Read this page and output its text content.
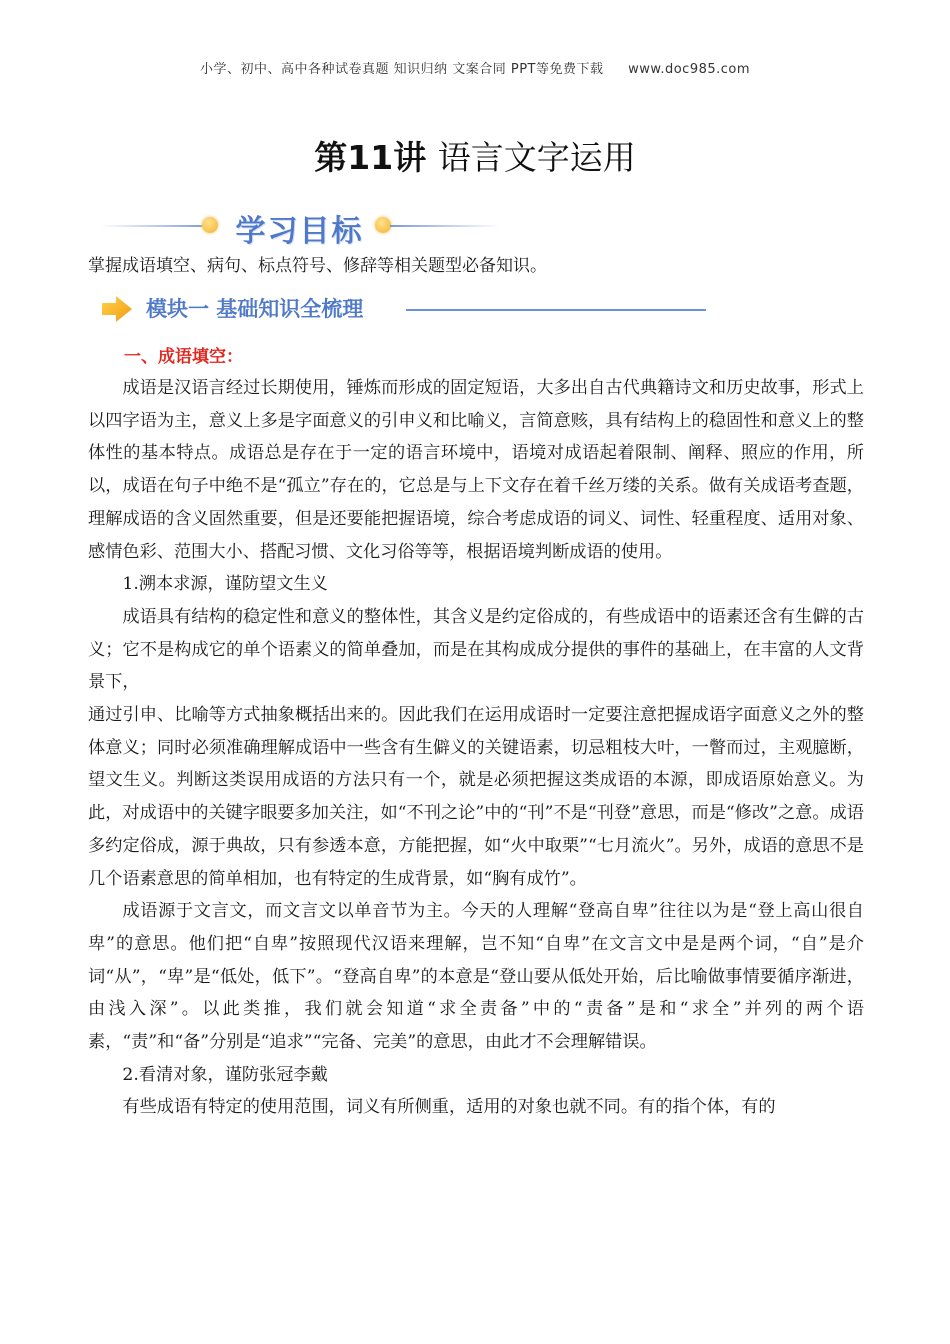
小学、初中、高中各种试卷真题 知识归纳 文案合同 PPT等免费下载 www.doc985.com
第11讲 语言文字运用
学习目标
掌握成语填空、病句、标点符号、修辞等相关题型必备知识。
模块一 基础知识全梳理
一、成语填空：

成语是汉语言经过长期使用，锤炼而形成的固定短语，大多出自古代典籍诗文和历史故事，形式上以四字语为主，意义上多是字面意义的引申义和比喻义，言简意赅，具有结构上的稳固性和意义上的整体性的基本特点。成语总是存在于一定的语言环境中，语境对成语起着限制、阐释、照应的作用，所以，成语在句子中绝不是“孤立”存在的，它总是与上下文存在着千丝万缕的关系。做有关成语考查题，理解成语的含义固然重要，但是还要能把握语境，综合考虑成语的词义、词性、轻重程度、适用对象、感情色彩、范围大小、搭配习惯、文化习俗等等，根据语境判断成语的使用。

1.溯本求源，谨防望文生义

成语具有结构的稳定性和意义的整体性，其含义是约定俗成的，有些成语中的语素还含有生僻的古义；它不是构成它的单个语素义的简单叠加，而是在其构成成分提供的事件的基础上，在丰富的人文背景下，

通过引申、比喻等方式抽象概括出来的。因此我们在运用成语时一定要注意把握成语字面意义之外的整体意义；同时必须准确理解成语中一些含有生僻义的关键语素，切忌粗枝大叶，一瞥而过，主观臆断，望文生义。判断这类误用成语的方法只有一个，就是必须把握这类成语的本源，即成语原始意义。为此，对成语中的关键字眼要多加关注，如“不刊之论”中的“刊”不是“刊登”意思，而是“修改”之意。成语多约定俗成，源于典故，只有参透本意，方能把握，如“火中取栗”“七月流火”。另外，成语的意思不是几个语素意思的简单相加，也有特定的生成背景，如“胸有成竹”。

成语源于文言文，而文言文以单音节为主。今天的人理解“登高自卑”往往以为是“登上高山很自卑”的意思。他们把“自卑”按照现代汉语来理解，岂不知“自卑”在文言文中是是两个词，“自”是介词“从”，“卑”是“低处，低下”。“登高自卑”的本意是“登山要从低处开始，后比喻做事情要循序渐进，由浅入深”。以此类推，我们就会知道“求全责备”中的“责备”是和“求全”并列的两个语素，“责”和“备”分别是“追求”“完备、完美”的意思，由此才不会理解错误。

2.看清对象，谨防张冠李戴

有些成语有特定的使用范围，词义有所侧重，适用的对象也就不同。有的指个体，有的
